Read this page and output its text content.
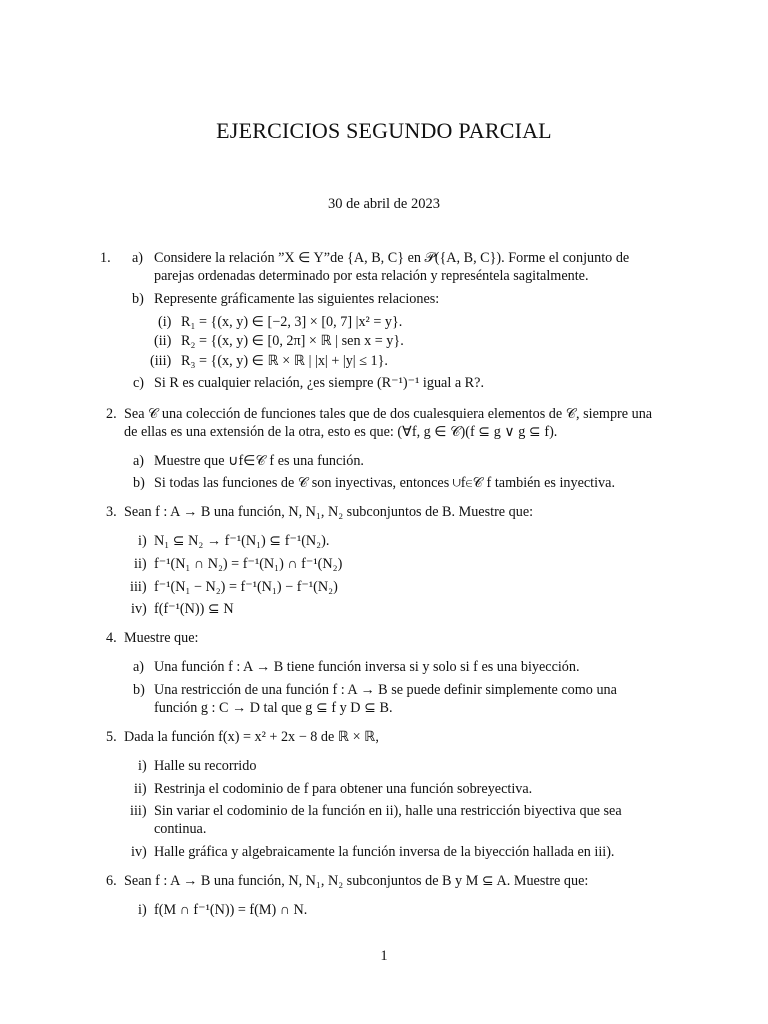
EJERCICIOS SEGUNDO PARCIAL
30 de abril de 2023
1. a) Considere la relación ”X ∈ Y”de {A, B, C} en 𝒫({A, B, C}). Forme el conjunto de
parejas ordenadas determinado por esta relación y represéntela sagitalmente.
b) Represente gráficamente las siguientes relaciones:
(i) R₁ = {(x, y) ∈ [−2, 3] × [0, 7] |x² = y}.
(ii) R₂ = {(x, y) ∈ [0, 2π] × ℝ | sen x = y}.
(iii) R₃ = {(x, y) ∈ ℝ × ℝ | |x| + |y| ≤ 1}.
c) Si R es cualquier relación, ¿es siempre (R⁻¹)⁻¹ igual a R?.
2. Sea 𝒞 una colección de funciones tales que de dos cualesquiera elementos de 𝒞, siempre una
de ellas es una extensión de la otra, esto es que: (∀f, g ∈ 𝒞)(f ⊆ g ∨ g ⊆ f).
a) Muestre que ∪f∈𝒞 f es una función.
b) Si todas las funciones de 𝒞 son inyectivas, entonces ∪f∈𝒞 f también es inyectiva.
3. Sean f : A → B una función, N, N₁, N₂ subconjuntos de B. Muestre que:
i) N₁ ⊆ N₂ → f⁻¹(N₁) ⊆ f⁻¹(N₂).
ii) f⁻¹(N₁ ∩ N₂) = f⁻¹(N₁) ∩ f⁻¹(N₂)
iii) f⁻¹(N₁ − N₂) = f⁻¹(N₁) − f⁻¹(N₂)
iv) f(f⁻¹(N)) ⊆ N
4. Muestre que:
a) Una función f : A → B tiene función inversa si y solo si f es una biyección.
b) Una restricción de una función f : A → B se puede definir simplemente como una
función g : C → D tal que g ⊆ f y D ⊆ B.
5. Dada la función f(x) = x² + 2x − 8 de ℝ × ℝ,
i) Halle su recorrido
ii) Restrinja el codominio de f para obtener una función sobreyectiva.
iii) Sin variar el codominio de la función en ii), halle una restricción biyectiva que sea
continua.
iv) Halle gráfica y algebraicamente la función inversa de la biyección hallada en iii).
6. Sean f : A → B una función, N, N₁, N₂ subconjuntos de B y M ⊆ A. Muestre que:
i) f(M ∩ f⁻¹(N)) = f(M) ∩ N.
1
